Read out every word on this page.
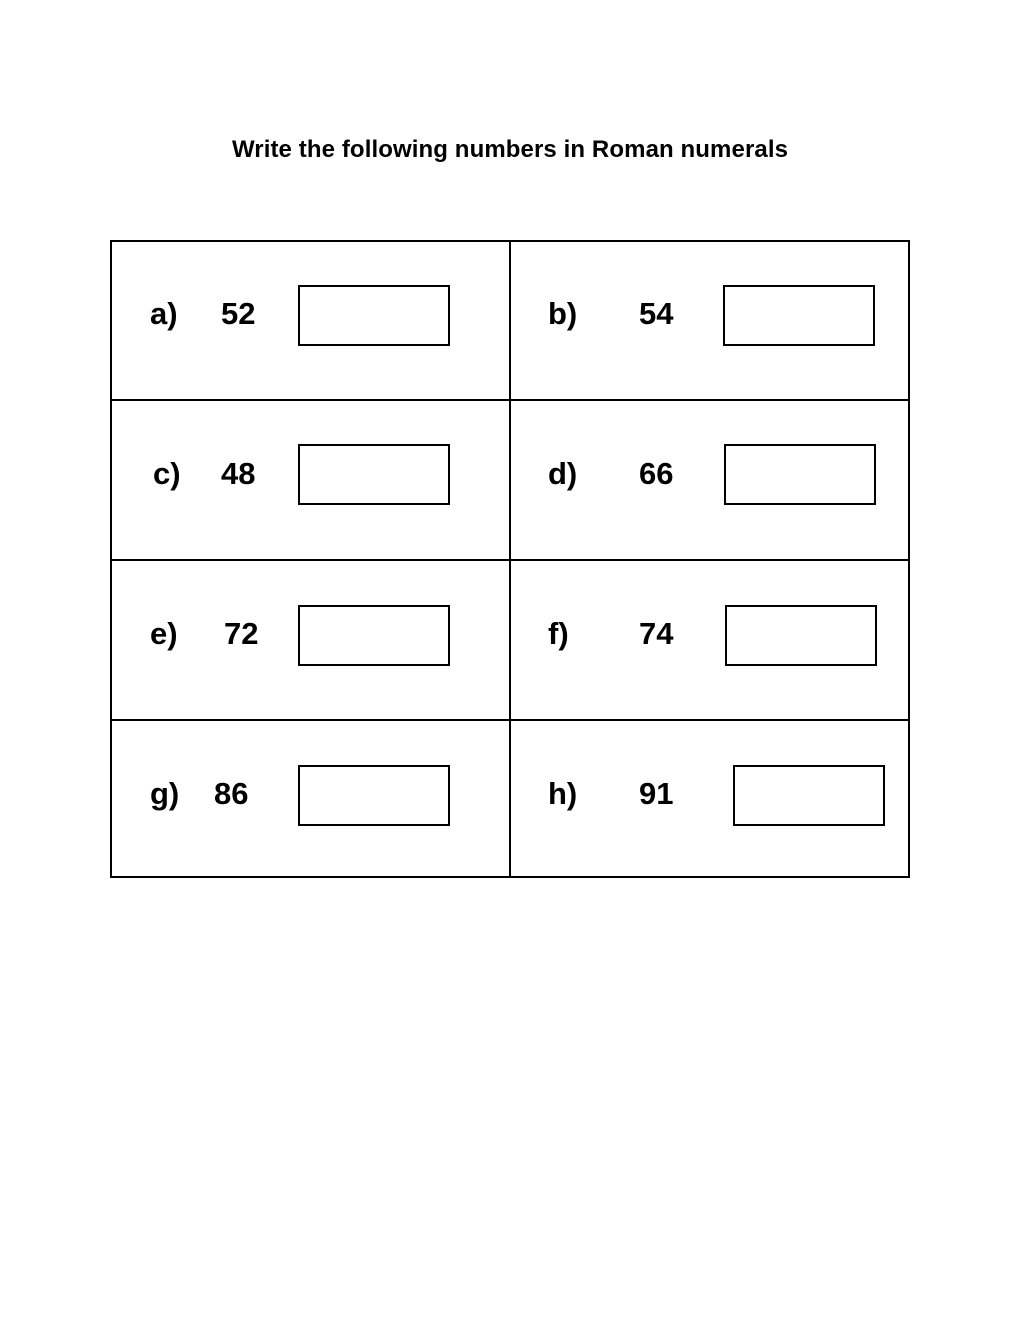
Write the following numbers in Roman numerals
a) 52	b) 54
c) 48	d) 66
e) 72	f) 74
g) 86	h) 91
